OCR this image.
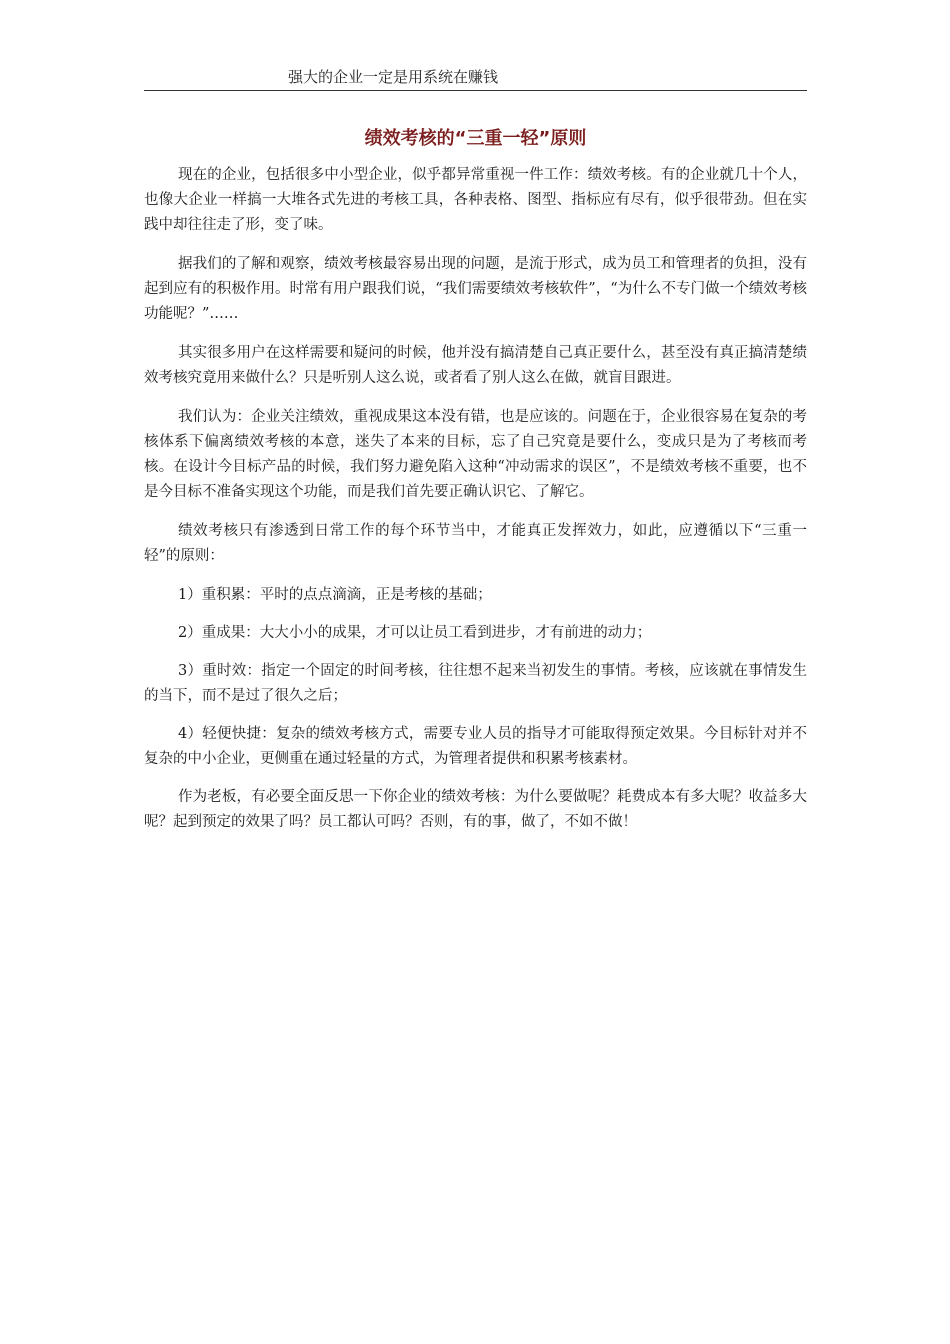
强大的企业一定是用系统在赚钱
绩效考核的“三重一轻”原则

现在的企业，包括很多中小型企业，似乎都异常重视一件工作：绩效考核。有的企业就几十个人，也像大企业一样搞一大堆各式先进的考核工具，各种表格、图型、指标应有尽有，似乎很带劲。但在实践中却往往走了形，变了味。

据我们的了解和观察，绩效考核最容易出现的问题，是流于形式，成为员工和管理者的负担，没有起到应有的积极作用。时常有用户跟我们说，“我们需要绩效考核软件”，“为什么不专门做一个绩效考核功能呢？”……

其实很多用户在这样需要和疑问的时候，他并没有搞清楚自己真正要什么，甚至没有真正搞清楚绩效考核究竟用来做什么？只是听别人这么说，或者看了别人这么在做，就盲目跟进。

我们认为：企业关注绩效，重视成果这本没有错，也是应该的。问题在于，企业很容易在复杂的考核体系下偏离绩效考核的本意，迷失了本来的目标，忘了自己究竟是要什么，变成只是为了考核而考核。在设计今目标产品的时候，我们努力避免陷入这种“冲动需求的误区”，不是绩效考核不重要，也不是今目标不准备实现这个功能，而是我们首先要正确认识它、了解它。

绩效考核只有渗透到日常工作的每个环节当中，才能真正发挥效力，如此，应遵循以下“三重一轻”的原则：

1）重积累：平时的点点滴滴，正是考核的基础；

2）重成果：大大小小的成果，才可以让员工看到进步，才有前进的动力；

3）重时效：指定一个固定的时间考核，往往想不起来当初发生的事情。考核，应该就在事情发生的当下，而不是过了很久之后；

4）轻便快捷：复杂的绩效考核方式，需要专业人员的指导才可能取得预定效果。今目标针对并不复杂的中小企业，更侧重在通过轻量的方式，为管理者提供和积累考核素材。

作为老板，有必要全面反思一下你企业的绩效考核：为什么要做呢？耗费成本有多大呢？收益多大呢？起到预定的效果了吗？员工都认可吗？否则，有的事，做了，不如不做！
